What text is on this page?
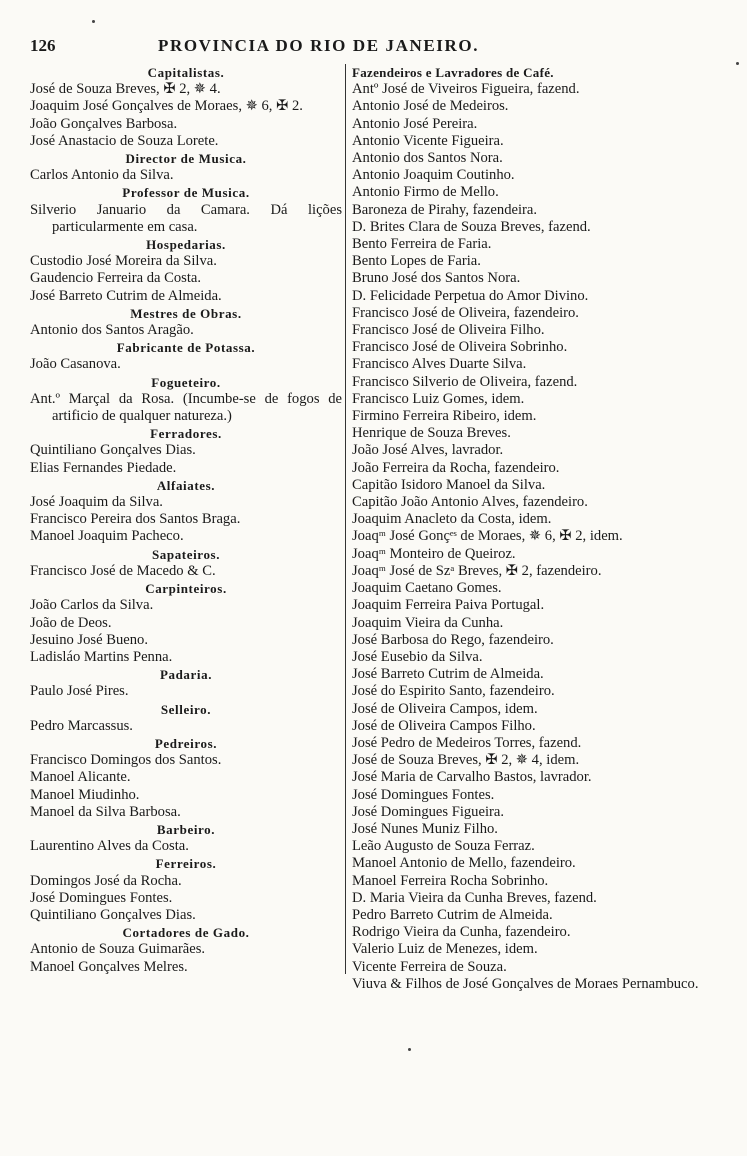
126	PROVINCIA DO RIO DE JANEIRO.
Capitalistas.
José de Souza Breves, ✠ 2, ✵ 4.
Joaquim José Gonçalves de Moraes, ✵ 6, ✠ 2.
João Gonçalves Barbosa.
José Anastacio de Souza Lorete.
Director de Musica.
Carlos Antonio da Silva.
Professor de Musica.
Silverio Januario da Camara. Dá lições particularmente em casa.
Hospedarias.
Custodio José Moreira da Silva.
Gaudencio Ferreira da Costa.
José Barreto Cutrim de Almeida.
Mestres de Obras.
Antonio dos Santos Aragão.
Fabricante de Potassa.
João Casanova.
Fogueteiro.
Ant.º Marçal da Rosa. (Incumbe-se de fogos de artificio de qualquer natureza.)
Ferradores.
Quintiliano Gonçalves Dias.
Elias Fernandes Piedade.
Alfaiates.
José Joaquim da Silva.
Francisco Pereira dos Santos Braga.
Manoel Joaquim Pacheco.
Sapateiros.
Francisco José de Macedo & C.
Carpinteiros.
João Carlos da Silva.
João de Deos.
Jesuino José Bueno.
Ladisláo Martins Penna.
Padaria.
Paulo José Pires.
Selleiro.
Pedro Marcassus.
Pedreiros.
Francisco Domingos dos Santos.
Manoel Alicante.
Manoel Miudinho.
Manoel da Silva Barbosa.
Barbeiro.
Laurentino Alves da Costa.
Ferreiros.
Domingos José da Rocha.
José Domingues Fontes.
Quintiliano Gonçalves Dias.
Cortadores de Gado.
Antonio de Souza Guimarães.
Manoel Gonçalves Melres.
Fazendeiros e Lavradores de Café.
Antº José de Viveiros Figueira, fazend.
Antonio José de Medeiros.
Antonio José Pereira.
Antonio Vicente Figueira.
Antonio dos Santos Nora.
Antonio Joaquim Coutinho.
Antonio Firmo de Mello.
Baroneza de Pirahy, fazendeira.
D. Brites Clara de Souza Breves, fazend.
Bento Ferreira de Faria.
Bento Lopes de Faria.
Bruno José dos Santos Nora.
D. Felicidade Perpetua do Amor Divino.
Francisco José de Oliveira, fazendeiro.
Francisco José de Oliveira Filho.
Francisco José de Oliveira Sobrinho.
Francisco Alves Duarte Silva.
Francisco Silverio de Oliveira, fazend.
Francisco Luiz Gomes, idem.
Firmino Ferreira Ribeiro, idem.
Henrique de Souza Breves.
João José Alves, lavrador.
João Ferreira da Rocha, fazendeiro.
Capitão Isidoro Manoel da Silva.
Capitão João Antonio Alves, fazendeiro.
Joaquim Anacleto da Costa, idem.
Joaqᵐ José Gonçᵉˢ de Moraes, ✵ 6, ✠ 2, idem.
Joaqᵐ Monteiro de Queiroz.
Joaqᵐ José de Szᵃ Breves, ✠ 2, fazendeiro.
Joaquim Caetano Gomes.
Joaquim Ferreira Paiva Portugal.
Joaquim Vieira da Cunha.
José Barbosa do Rego, fazendeiro.
José Eusebio da Silva.
José Barreto Cutrim de Almeida.
José do Espirito Santo, fazendeiro.
José de Oliveira Campos, idem.
José de Oliveira Campos Filho.
José Pedro de Medeiros Torres, fazend.
José de Souza Breves, ✠ 2, ✵ 4, idem.
José Maria de Carvalho Bastos, lavrador.
José Domingues Fontes.
José Domingues Figueira.
José Nunes Muniz Filho.
Leão Augusto de Souza Ferraz.
Manoel Antonio de Mello, fazendeiro.
Manoel Ferreira Rocha Sobrinho.
D. Maria Vieira da Cunha Breves, fazend.
Pedro Barreto Cutrim de Almeida.
Rodrigo Vieira da Cunha, fazendeiro.
Valerio Luiz de Menezes, idem.
Vicente Ferreira de Souza.
Viuva & Filhos de José Gonçalves de Moraes Pernambuco.
